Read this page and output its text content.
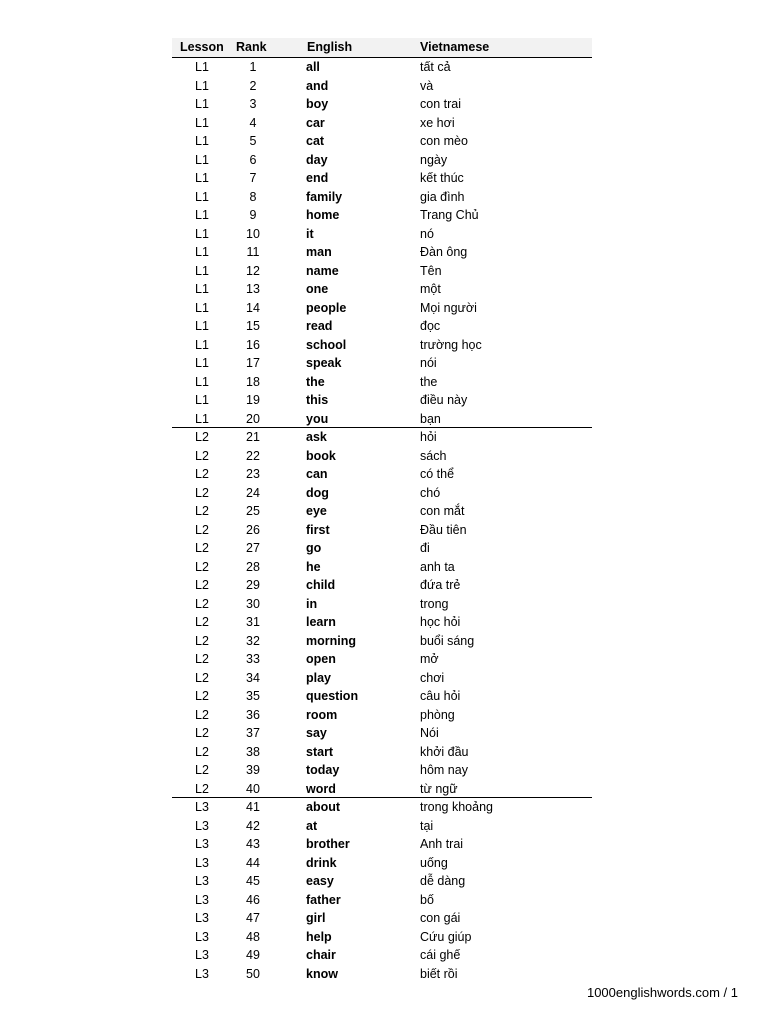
Lesson Rank	English	Vietnamese
L1	1	all	tất cả
L1	2	and	và
L1	3	boy	con trai
L1	4	car	xe hơi
L1	5	cat	con mèo
L1	6	day	ngày
L1	7	end	kết thúc
L1	8	family	gia đình
L1	9	home	Trang Chủ
L1	10	it	nó
L1	11	man	Đàn ông
L1	12	name	Tên
L1	13	one	một
L1	14	people	Mọi người
L1	15	read	đọc
L1	16	school	trường học
L1	17	speak	nói
L1	18	the	the
L1	19	this	điều này
L1	20	you	bạn
L2	21	ask	hỏi
L2	22	book	sách
L2	23	can	có thể
L2	24	dog	chó
L2	25	eye	con mắt
L2	26	first	Đầu tiên
L2	27	go	đi
L2	28	he	anh ta
L2	29	child	đứa trẻ
L2	30	in	trong
L2	31	learn	học hỏi
L2	32	morning	buổi sáng
L2	33	open	mở
L2	34	play	chơi
L2	35	question	câu hỏi
L2	36	room	phòng
L2	37	say	Nói
L2	38	start	khởi đầu
L2	39	today	hôm nay
L2	40	word	từ ngữ
L3	41	about	trong khoảng
L3	42	at	tại
L3	43	brother	Anh trai
L3	44	drink	uống
L3	45	easy	dễ dàng
L3	46	father	bố
L3	47	girl	con gái
L3	48	help	Cứu giúp
L3	49	chair	cái ghế
L3	50	know	biết rồi
1000englishwords.com / 1
